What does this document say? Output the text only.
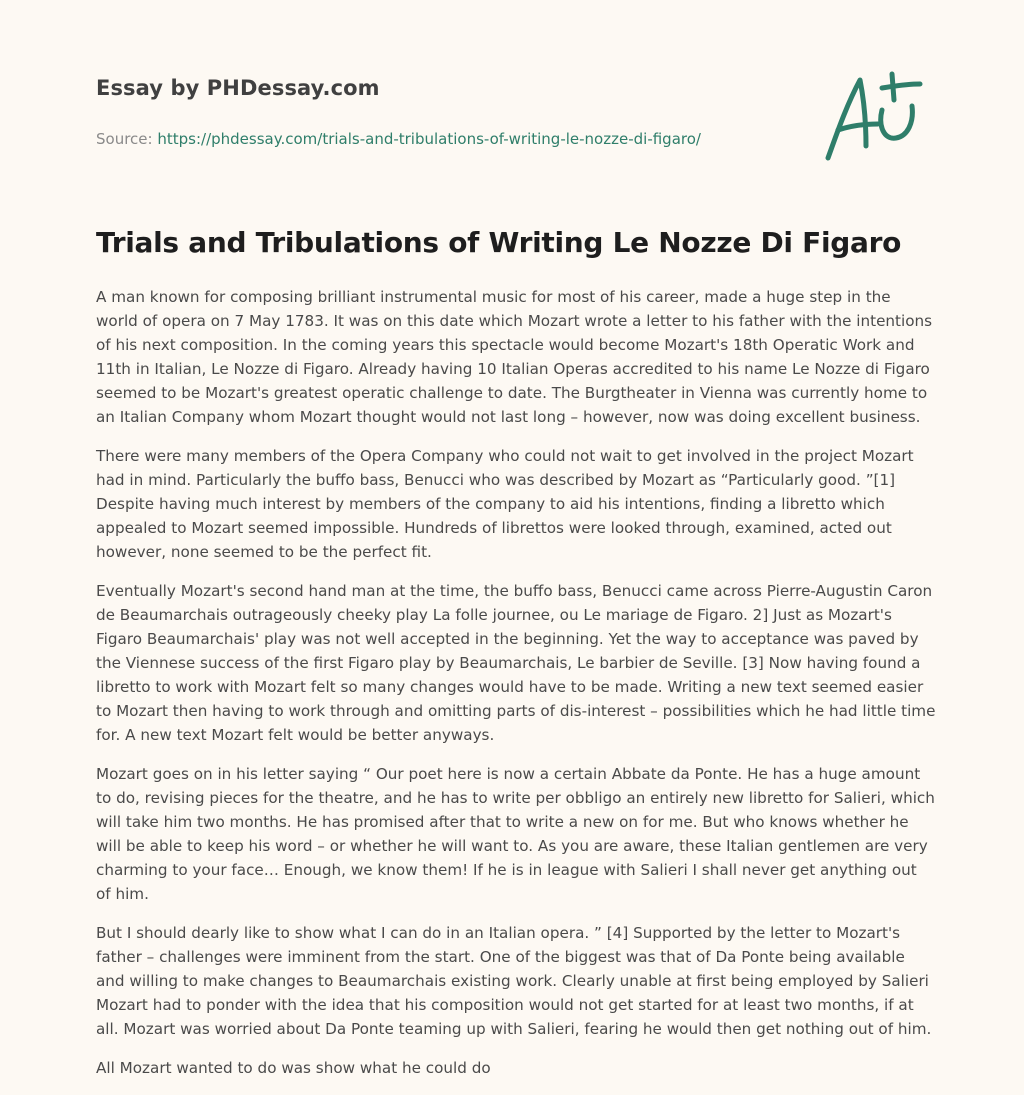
Essay by PHDessay.com
Source: https://phdessay.com/trials-and-tribulations-of-writing-le-nozze-di-figaro/
Trials and Tribulations of Writing Le Nozze Di Figaro

A man known for composing brilliant instrumental music for most of his career, made a huge step in the world of opera on 7 May 1783. It was on this date which Mozart wrote a letter to his father with the intentions of his next composition. In the coming years this spectacle would become Mozart's 18th Operatic Work and 11th in Italian, Le Nozze di Figaro. Already having 10 Italian Operas accredited to his name Le Nozze di Figaro seemed to be Mozart's greatest operatic challenge to date. The Burgtheater in Vienna was currently home to an Italian Company whom Mozart thought would not last long – however, now was doing excellent business.

There were many members of the Opera Company who could not wait to get involved in the project Mozart had in mind. Particularly the buffo bass, Benucci who was described by Mozart as “Particularly good. ”[1] Despite having much interest by members of the company to aid his intentions, finding a libretto which appealed to Mozart seemed impossible. Hundreds of librettos were looked through, examined, acted out however, none seemed to be the perfect fit.

Eventually Mozart's second hand man at the time, the buffo bass, Benucci came across Pierre-Augustin Caron de Beaumarchais outrageously cheeky play La folle journee, ou Le mariage de Figaro. 2] Just as Mozart's Figaro Beaumarchais' play was not well accepted in the beginning. Yet the way to acceptance was paved by the Viennese success of the first Figaro play by Beaumarchais, Le barbier de Seville. [3] Now having found a libretto to work with Mozart felt so many changes would have to be made. Writing a new text seemed easier to Mozart then having to work through and omitting parts of dis-interest – possibilities which he had little time for. A new text Mozart felt would be better anyways.

Mozart goes on in his letter saying “ Our poet here is now a certain Abbate da Ponte. He has a huge amount to do, revising pieces for the theatre, and he has to write per obbligo an entirely new libretto for Salieri, which will take him two months. He has promised after that to write a new on for me. But who knows whether he will be able to keep his word – or whether he will want to. As you are aware, these Italian gentlemen are very charming to your face… Enough, we know them! If he is in league with Salieri I shall never get anything out of him.

But I should dearly like to show what I can do in an Italian opera. ” [4] Supported by the letter to Mozart's father – challenges were imminent from the start. One of the biggest was that of Da Ponte being available and willing to make changes to Beaumarchais existing work. Clearly unable at first being employed by Salieri Mozart had to ponder with the idea that his composition would not get started for at least two months, if at all. Mozart was worried about Da Ponte teaming up with Salieri, fearing he would then get nothing out of him.

All Mozart wanted to do was show what he could do
